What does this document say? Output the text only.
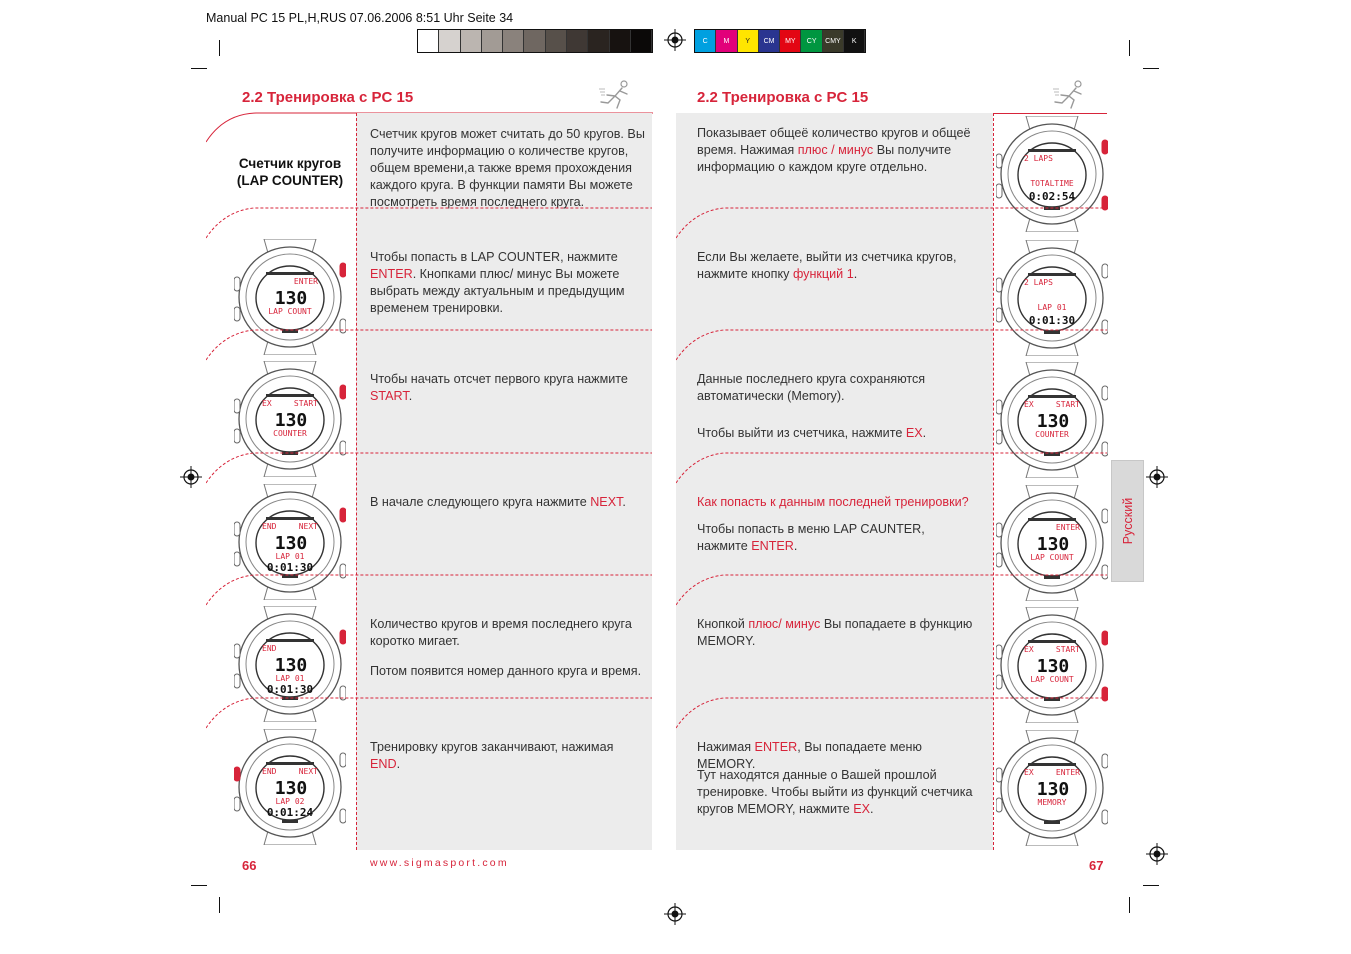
Manual PC 15 PL,H,RUS 07.06.2006 8:51 Uhr Seite 34
C	M	Y	CM	MY	CY	CMY	K
2.2 Тренировка с PC 15
Счетчик кругов
(LAP COUNTER)
Счетчик кругов может считать до 50 кругов. Вы получите информацию о количестве кругов, общем времени,а также время прохождения каждого круга. В функции памяти Вы можете посмотреть время последнего круга.
ENTER
130
LAP COUNT
Чтобы попасть в LAP COUNTER, нажмите ENTER. Кнопками плюс/ минус Вы можете выбрать между актуальным и предыдущим временем тренировки.
EX	START
130
COUNTER
Чтобы начать отсчет первого круга нажмите START.
END	NEXT
130
LAP 01
0:01:30
В начале следующего круга нажмите NEXT.
END
130
LAP 01
0:01:30
Количество кругов и время последнего круга коротко мигает.
Потом появится номер данного круга и время.
END	NEXT
130
LAP 02
0:01:24
Тренировку кругов заканчивают, нажимая END.
66	www.sigmasport.com
2.2 Тренировка с PC 15
2 LAPS
TOTALTIME
0:02:54
Показывает общеё количество кругов и общеё время. Нажимая плюс / минус Вы получите информацию о каждом круге отдельно.
2 LAPS
LAP 01
0:01:30
Если Вы желаете, выйти из счетчика кругов, нажмите кнопку функций 1.
EX	START
130
COUNTER
Данные последнего круга сохраняются автоматически (Memory).
Чтобы выйти из счетчика, нажмите EX.
ENTER
130
LAP COUNT
Как попасть к данным последней тренировки?
Чтобы попасть в меню LAP CAUNTER, нажмите ENTER.
EX	START
130
LAP COUNT
Кнопкой плюс/ минус Вы попадаете в функцию MEMORY.
EX	ENTER
130
MEMORY
Нажимая ENTER, Вы попадаете меню MEMORY.
Тут находятся данные о Вашей прошлой тренировке. Чтобы выйти из функций счетчика кругов MEMORY, нажмите EX.
Русский
67
